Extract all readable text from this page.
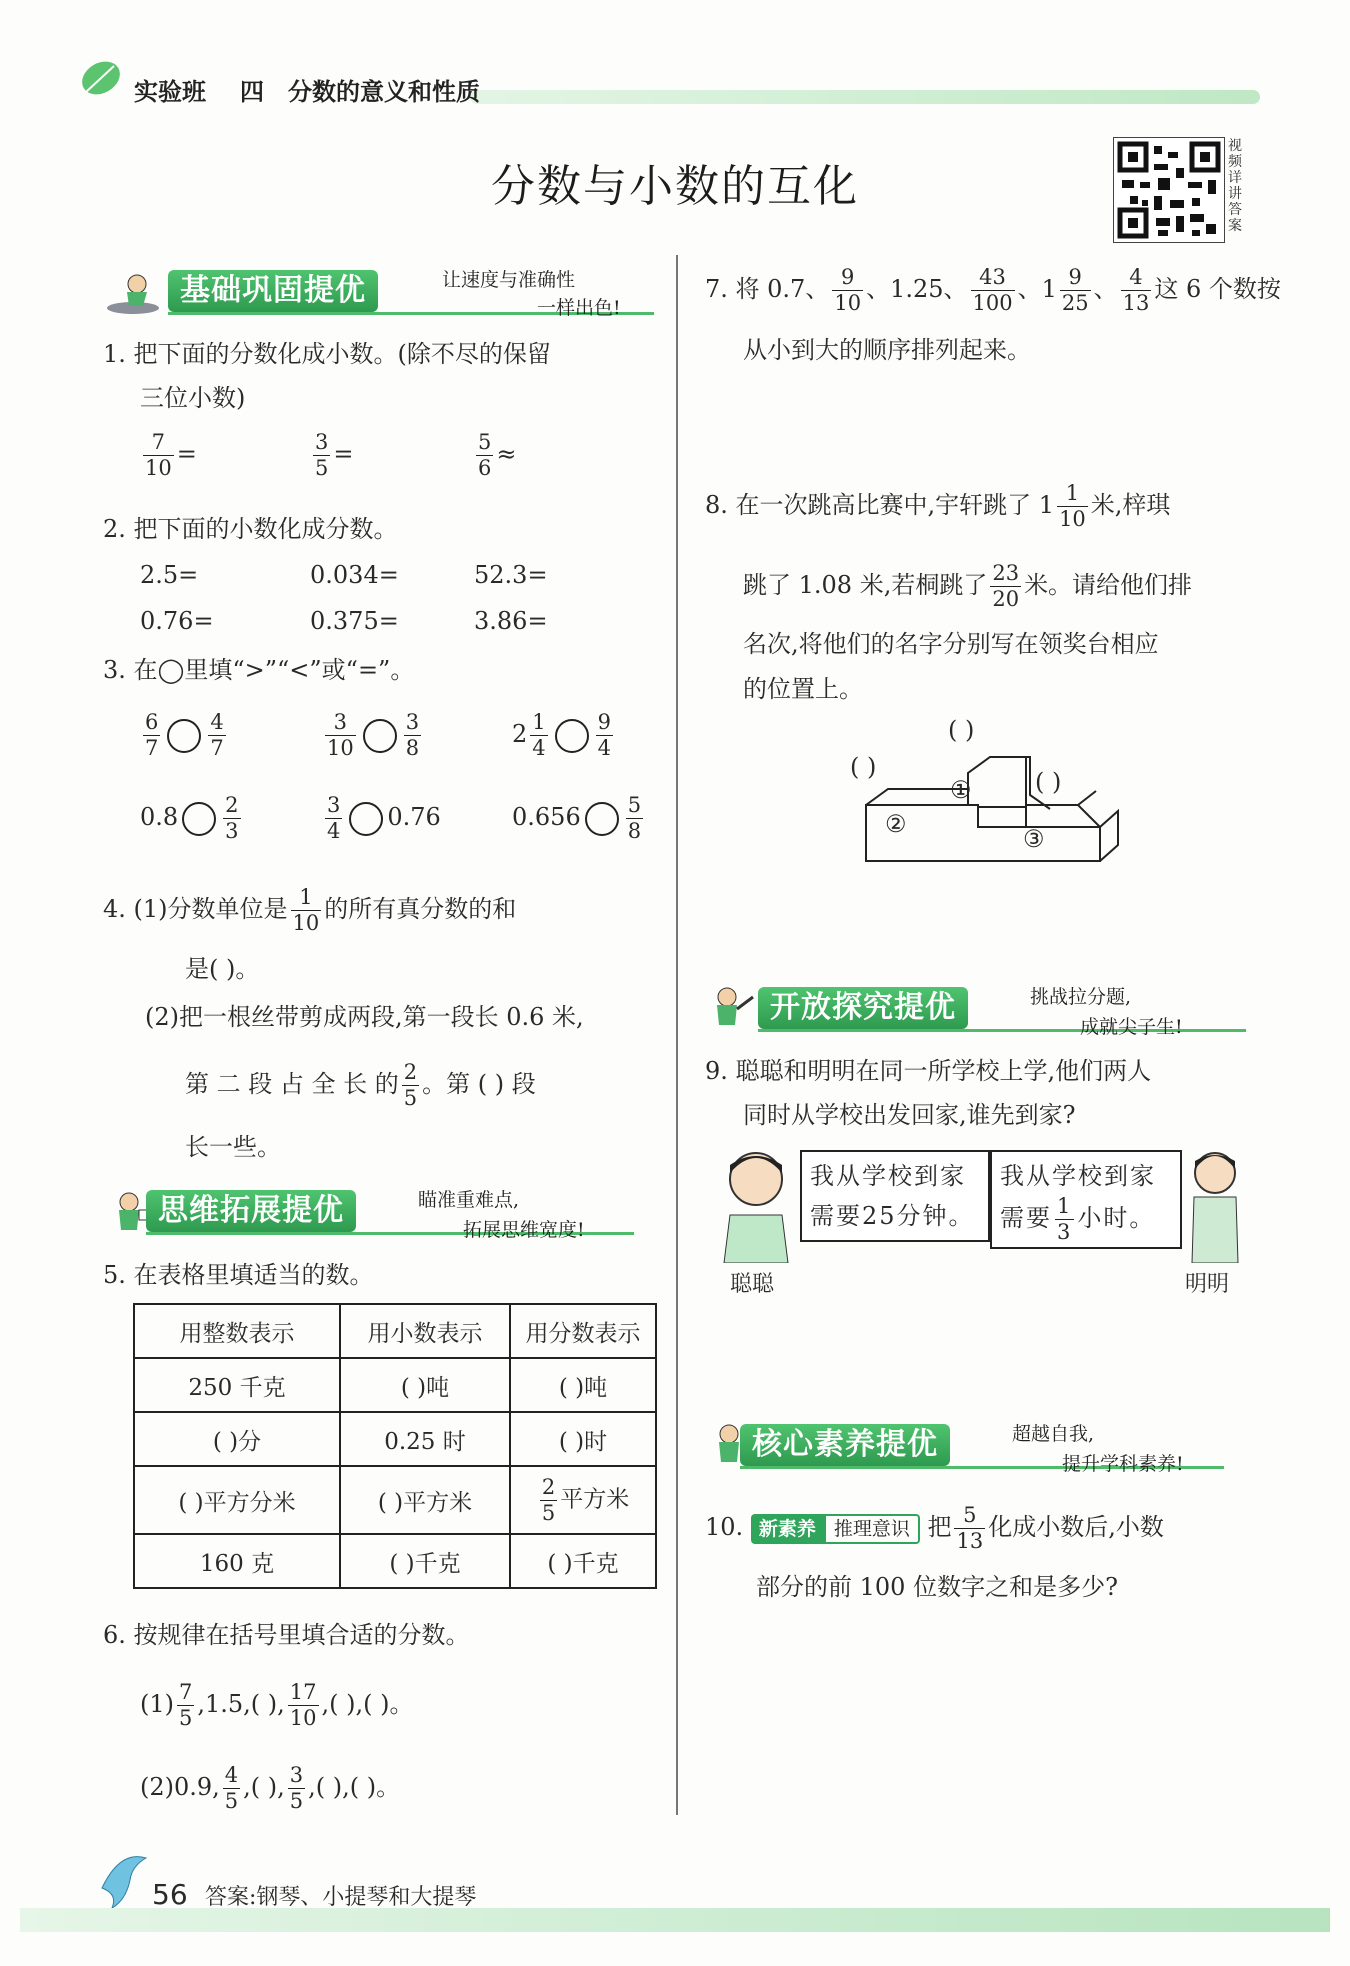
实验班 四 分数的意义和性质
分数与小数的互化
视频详讲答案
基础巩固提优	让速度与准确性
一样出色!
1. 把下面的分数化成小数。(除不尽的保留
三位小数)
$\frac{7}{10}$ =	$\frac{3}{5}$ =	$\frac{5}{6}$ ≈
2. 把下面的小数化成分数。
2.5=	0.034=	52.3=
0.76=	0.375=	3.86=
3. 在◯里填“>”“<”或“=”。
$\frac{6}{7} \frac{4}{7}$	$\frac{3}{10} \frac{3}{8}$	$2 \frac{1}{4} \frac{9}{4}$
$0.8 \frac{2}{3}$	$\frac{3}{4} 0.76$	$0.656 \frac{5}{8}$
4. (1)分数单位是 $\frac{1}{10}$ 的所有真分数的和
是( )。
(2)把一根丝带剪成两段,第一段长 0.6 米,
第 二 段 占 全 长 的 $\frac{2}{5}$ 。第 ( ) 段
长一些。
思维拓展提优	瞄准重难点,
拓展思维宽度!
5. 在表格里填适当的数。
用整数表示	用小数表示	用分数表示
250 千克	( )吨	( )吨
( )分	0.25 时	( )时
( )平方分米	( )平方米	$\frac{2}{5}$ 平方米
160 克	( )千克	( )千克
6. 按规律在括号里填合适的分数。
$(1) \frac{7}{5} ,1.5$,( ), $\frac{17}{10}$ ,( ),( )。
(2)0.9, $\frac{4}{5}$ ,( ), $\frac{3}{5}$ ,( ),( )。
7. 将 0.7、 $\frac{9}{10}$ 、1.25、 $\frac{43}{100}$ 、$1 \frac{9}{25}$ 、 $\frac{4}{13}$ 这 6 个数按
从小到大的顺序排列起来。
8. 在一次跳高比赛中,宇轩跳了 $1 \frac{1}{10}$ 米,梓琪
跳了 1.08 米,若桐跳了 $\frac{23}{20}$ 米。请给他们排
名次,将他们的名字分别写在领奖台相应
的位置上。
①
②
③
( )
( )
( )
开放探究提优	挑战拉分题,
成就尖子生!
9. 聪聪和明明在同一所学校上学,他们两人
同时从学校出发回家,谁先到家?
聪聪
我从学校到家
需要25分钟。
我从学校到家
需要 $\frac{1}{3}$ 小时。
明明
核心素养提优	超越自我,
提升学科素养!
10. 新素养 推理意识 把 $\frac{5}{13}$ 化成小数后,小数
部分的前 100 位数字之和是多少?
56 答案:钢琴、小提琴和大提琴
